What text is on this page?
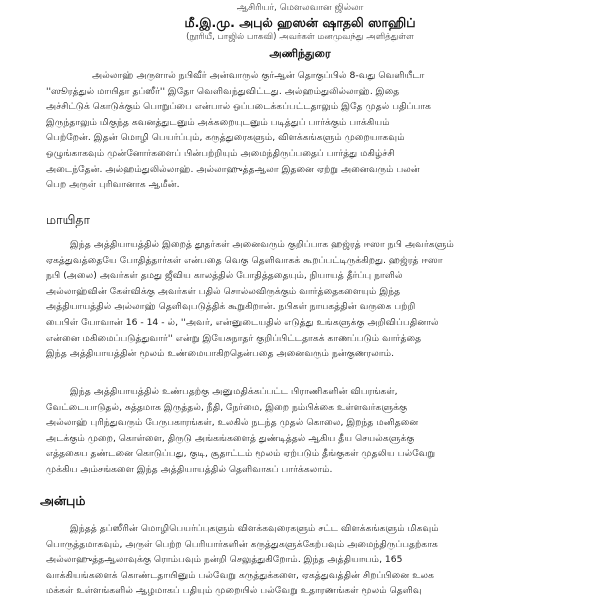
ஆசிரியர், மௌலவான ஜில்லா
மீ.இ.மு. அபுல் ஹஸன் ஷாதலி ஸாஹிப்
(நூரியீ, பாஜில் பாகவி) அவர்கள் மனமுவந்து அளித்துள்ள
அணிந்துரை
அல்லாஹ் அருளால் நபிவீர் அன்வாருல் குர்ஆன் தொகுப்பில் 8-வது வெளியீடா
''ஸூரத்துல் மாயிதா தப்ஸீர்'' இதோ வெளிவந்துவிட்டது. அல்ஹம்துலில்லாஹ். இதை
அச்சிட்டுக் கொடுக்கும் பொறுப்பை என்பால் ஒப்படைக்கப்பட்டதாலும் இதே முதல் பதிப்பாக
இருந்தாலும் மிகுந்த கவனத்துடனும் அக்கறையுடனும் படித்துப் பார்க்கும் பாக்கியம்
பெற்றேன். இதன் மொழி பெயர்ப்பும், கருத்துரைகளும், விளக்கங்களும் முறையாகவும்
ஒழுங்காகவும் முன்னோர்களைப் பின்பற்றியும் அமைந்திருப்பதைப் பார்த்து மகிழ்ச்சி
அடைந்தேன். அல்ஹம்துலில்லாஹ். அல்லாஹுத்தஆலா இதனை ஏற்று அனைவரும் பலன்
பெற அருள் புரிவானாக ஆமீன்.
மாயிதா
இந்த அத்தியாயத்தில் இறைத் தூதர்கள் அனைவரும் குறிப்பாக ஹஜ்ரத் ஈஸா நபி அவர்களும்
ஏகத்துவத்தையே போதித்தார்கள் என்பதை வெகு தெளிவாகக் கூறப்பட்டிருக்கிறது. ஹஜ்ரத் ஈஸா
நபி (அலை) அவர்கள் தமது ஜீவிய காலத்தில் போதித்ததையும், நியாயத் தீர்ப்பு நாளில்
அல்லாஹ்வின் கேள்விக்கு அவர்கள் பதில் சொல்லவிருக்கும் வார்த்தைகளையும் இந்த
அத்தியாயத்தில் அல்லாஹ் தெளிவுபடுத்திக் கூறுகிறான். நபிகள் நாயகத்தின் வருகை பற்றி
பைபிள் யோவான் 16 - 14 - ல், ''அவர், என்னுடையதில் எடுத்து உங்களுக்கு அறிவிப்பதினால்
என்னை மகிமைப்படுத்துவார்'' என்று இயேசுநாதர் குறிப்பிட்டதாகக் காணப்படும் வார்த்தை
இந்த அத்தியாயத்தின் மூலம் உண்மையாகிறதென்பதை அனைவரும் நன்குணரலாம்.
இந்த அத்தியாயத்தில் உண்பதற்கு அனுமதிக்கப்பட்ட பிராணிகளின் விபரங்கள்,
வேட்டையாடுதல், சுத்தமாக இருத்தல், நீதி, நேர்மை, இறை நம்பிக்கை உள்ளவர்களுக்கு
அல்லாஹ் புரிந்துவரும் பேருபகாரங்கள், உலகில் நடந்த முதல் கொலை, இறந்த மனிதனை
அடக்கும் முறை, கொள்ளை, திருடு அங்கங்களைத் துண்டித்தல் ஆகிய தீய செயல்களுக்கு
எத்தகைய தண்டனை கொடுப்பது, குடி, சூதாட்டம் மூலம் ஏற்படும் தீங்குகள் முதலிய பல்வேறு
முக்கிய அம்சங்களை இந்த அத்தியாயத்தில் தெளிவாகப் பார்க்கலாம்.
அன்பும்
இந்தத் தப்ஸீரின் மொழிபெயர்ப்புகளும் விளக்கவுரைகளும் சட்ட விளக்கங்களும் மிகவும்
பொருத்தமாகவும், அருள் பெற்ற பெரியார்களின் கருத்துகளுக்கேற்பவும் அமைந்திருப்பதற்காக
அல்லாஹுத்தஆலாவுக்கு ரொம்பவும் நன்றி செலுத்துகிறோம். இந்த அத்தியாயம், 165
வாக்கியங்களைக் கொண்டதாயினும் பல்வேறு கருத்துக்களை, ஏகத்துவத்தின் சிறப்பினை உலக
மக்கள் உள்ளங்களில் ஆழமாகப் பதியும் முறையில் பல்வேறு உதாரணங்கள் மூலம் தெளிவு
